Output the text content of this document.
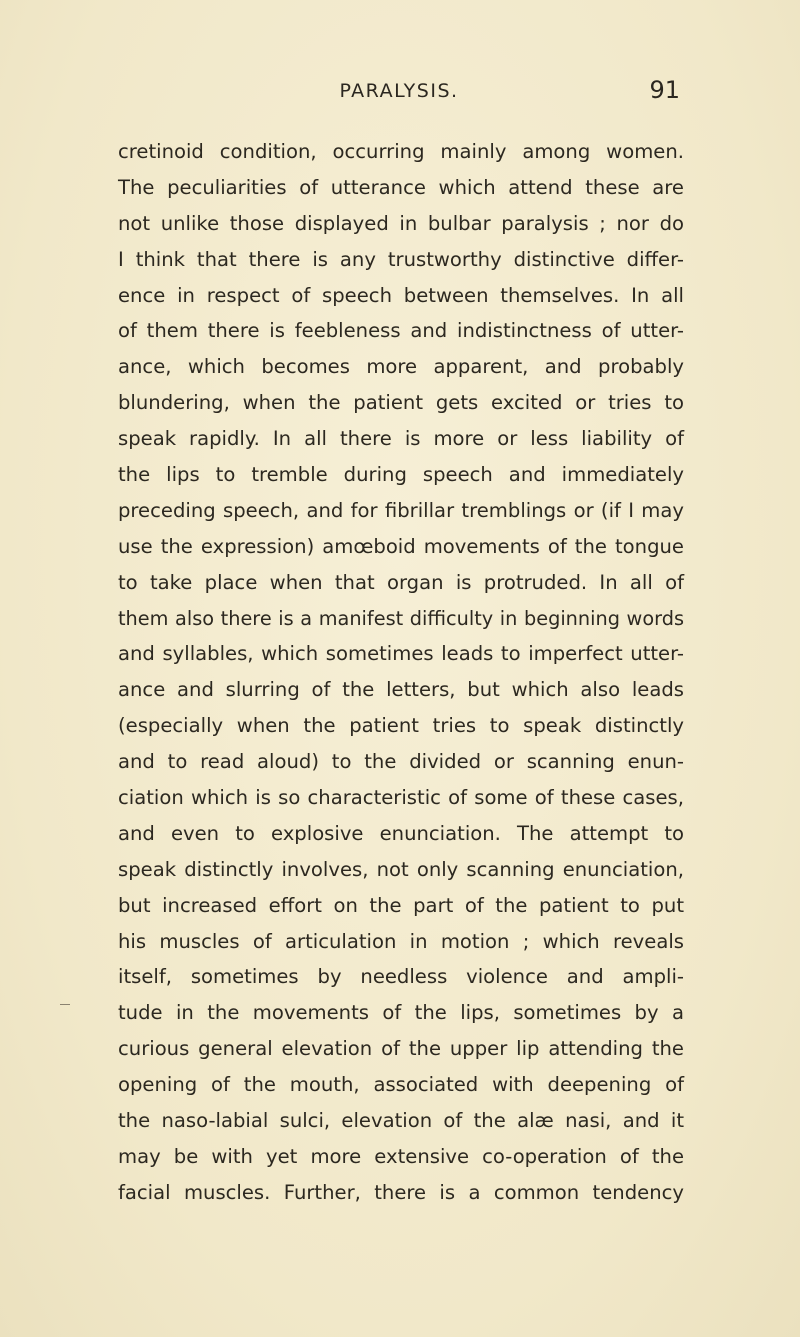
PARALYSIS.	91
cretinoid condition, occurring mainly among women.
The peculiarities of utterance which attend these are
not unlike those displayed in bulbar paralysis ; nor do
I think that there is any trustworthy distinctive differ-
ence in respect of speech between themselves. In all
of them there is feebleness and indistinctness of utter-
ance, which becomes more apparent, and probably
blundering, when the patient gets excited or tries to
speak rapidly. In all there is more or less liability of
the lips to tremble during speech and immediately
preceding speech, and for fibrillar tremblings or (if I may
use the expression) amœboid movements of the tongue
to take place when that organ is protruded. In all of
them also there is a manifest difficulty in beginning words
and syllables, which sometimes leads to imperfect utter-
ance and slurring of the letters, but which also leads
(especially when the patient tries to speak distinctly
and to read aloud) to the divided or scanning enun-
ciation which is so characteristic of some of these cases,
and even to explosive enunciation. The attempt to
speak distinctly involves, not only scanning enunciation,
but increased effort on the part of the patient to put
his muscles of articulation in motion ; which reveals
itself, sometimes by needless violence and ampli-
tude in the movements of the lips, sometimes by a
curious general elevation of the upper lip attending the
opening of the mouth, associated with deepening of
the naso-labial sulci, elevation of the alæ nasi, and it
may be with yet more extensive co-operation of the
facial muscles. Further, there is a common tendency
